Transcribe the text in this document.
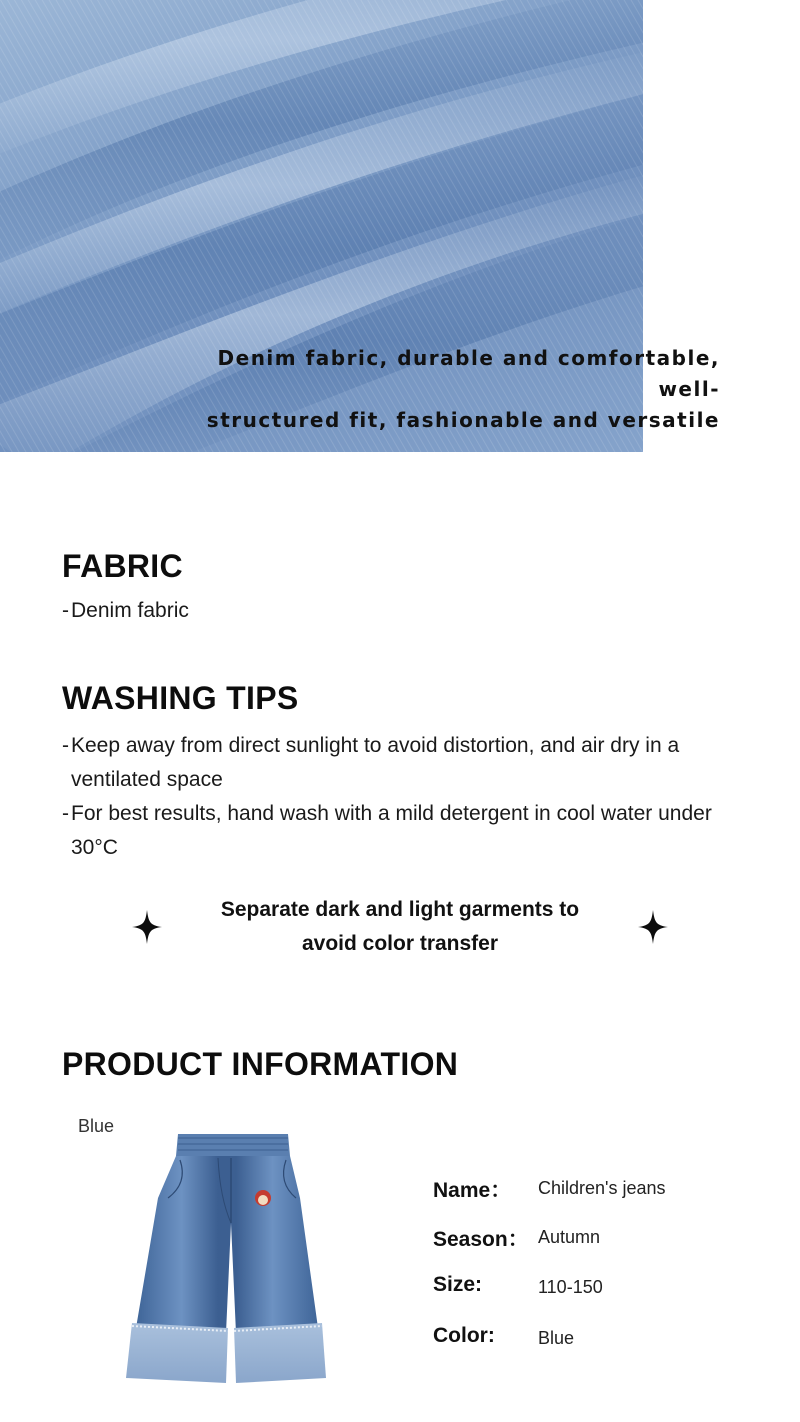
Denim fabric, durable and comfortable, well-
structured fit, fashionable and versatile

FABRIC

- Denim fabric

WASHING TIPS

- Keep away from direct sunlight to avoid distortion, and air dry in a ventilated space

- For best results, hand wash with a mild detergent in cool water under 30°C

Separate dark and light garments to
avoid color transfer

PRODUCT INFORMATION
Blue
Name： Children's jeans
Season： Autumn
Size:	110-150
Color: Blue
